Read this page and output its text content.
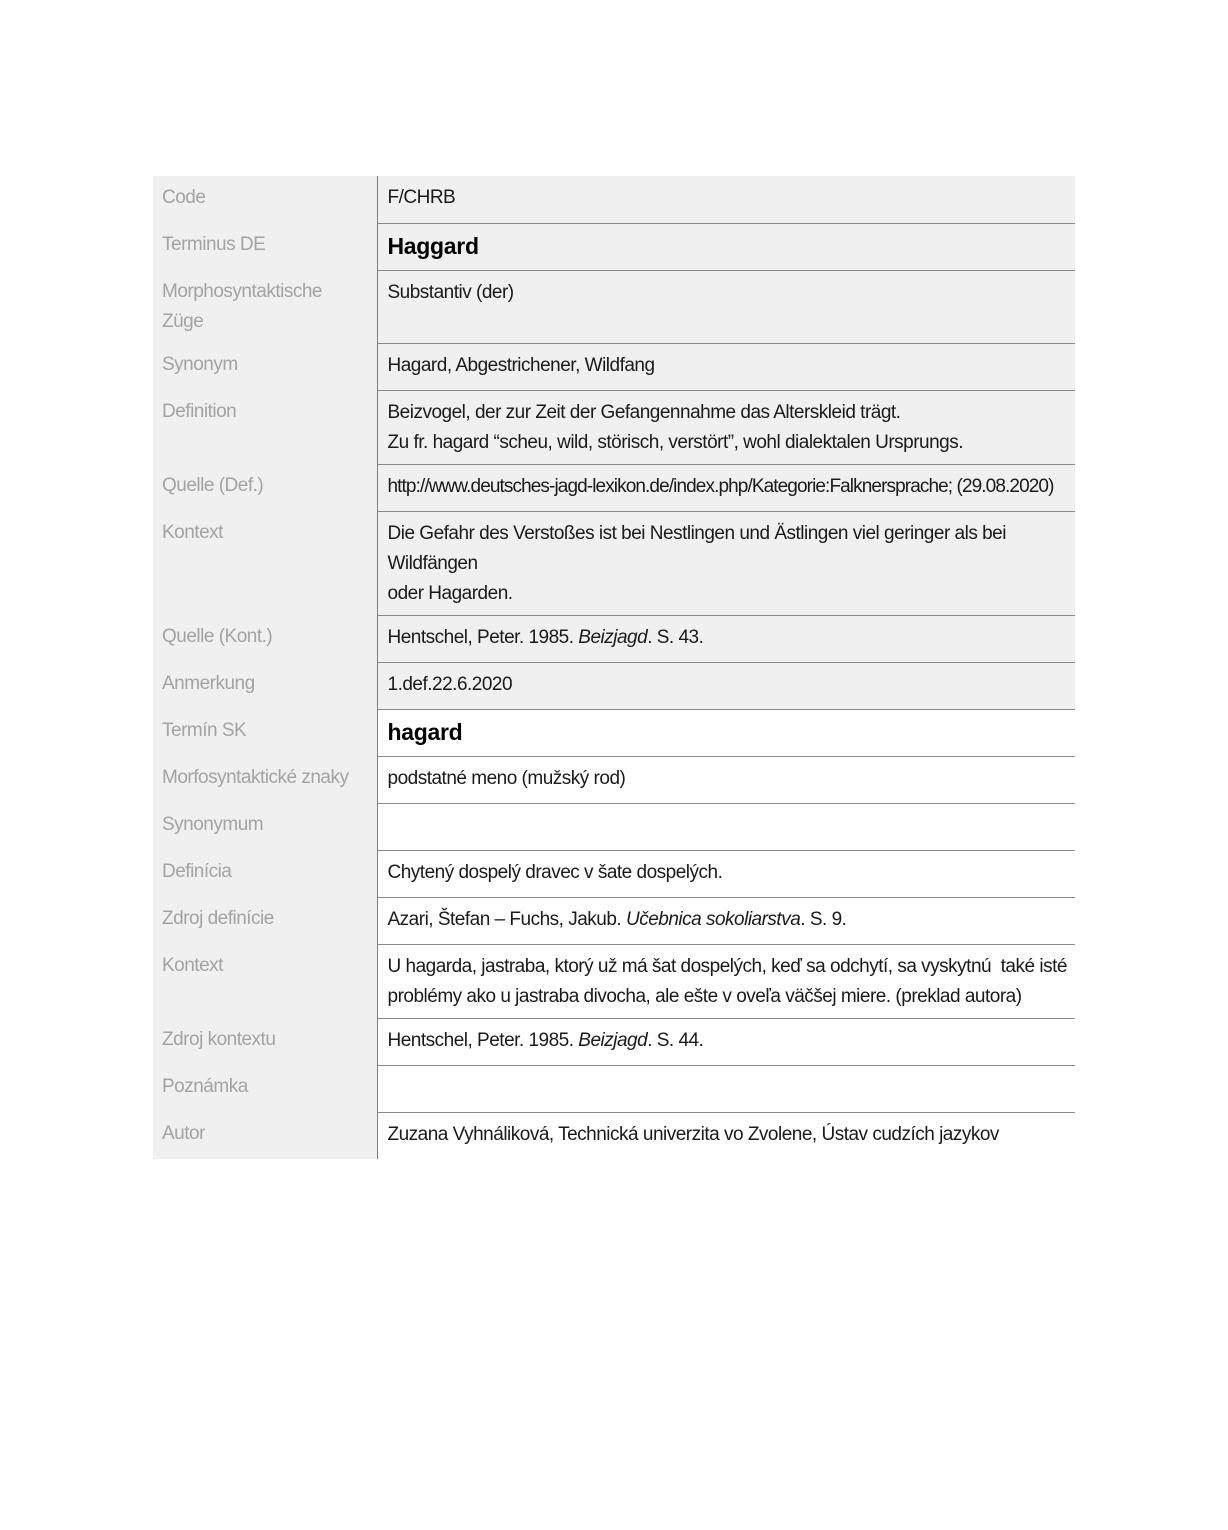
Code	F/CHRB
Terminus DE	Haggard
Morphosyntaktische Züge	Substantiv (der)
Synonym	Hagard, Abgestrichener, Wildfang
Definition	Beizvogel, der zur Zeit der Gefangennahme das Alterskleid trägt.
Zu fr. hagard “scheu, wild, störisch, verstört”, wohl dialektalen Ursprungs.

Quelle (Def.)	http://www.deutsches-jagd-lexikon.de/index.php/Kategorie:Falknersprache; (29.08.2020)
Kontext	Die Gefahr des Verstoßes ist bei Nestlingen und Ästlingen viel geringer als bei Wildfängen
oder Hagarden.

Quelle (Kont.)	Hentschel, Peter. 1985. Beizjagd. S. 43.
Anmerkung	1.def.22.6.2020
Termín SK	hagard
Morfosyntaktické znaky	podstatné meno (mužský rod)
Synonymum	
Definícia	Chytený dospelý dravec v šate dospelých.
Zdroj definície	Azari, Štefan – Fuchs, Jakub. Učebnica sokoliarstva. S. 9.
Kontext	U hagarda, jastraba, ktorý už má šat dospelých, keď sa odchytí, sa vyskytnú  také isté
problémy ako u jastraba divocha, ale ešte v oveľa väčšej miere. (preklad autora)

Zdroj kontextu	Hentschel, Peter. 1985. Beizjagd. S. 44.
Poznámka	
Autor	Zuzana Vyhnáliková, Technická univerzita vo Zvolene, Ústav cudzích jazykov
